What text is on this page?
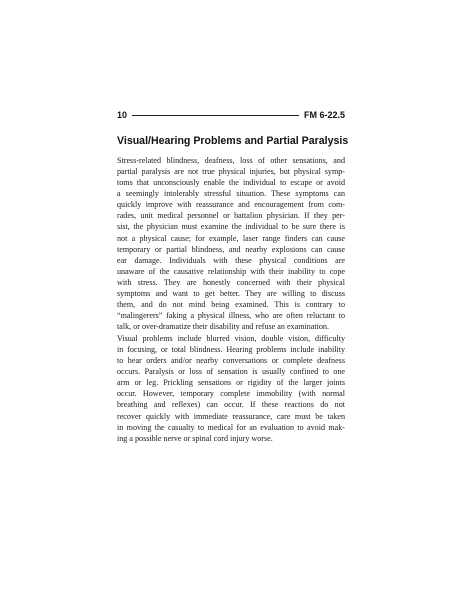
10	FM 6-22.5
Visual/Hearing Problems and Partial Paralysis

Stress-related blindness, deafness, loss of other sensations, and
partial paralysis are not true physical injuries, but physical symp-
toms that unconsciously enable the individual to escape or avoid
a seemingly intolerably stressful situation. These symptoms can
quickly improve with reassurance and encouragement from com-
rades, unit medical personnel or battalion physician. If they per-
sist, the physician must examine the individual to be sure there is
not a physical cause; for example, laser range finders can cause
temporary or partial blindness, and nearby explosions can cause
ear damage. Individuals with these physical conditions are
unaware of the causative relationship with their inability to cope
with stress. They are honestly concerned with their physical
symptoms and want to get better. They are willing to discuss
them, and do not mind being examined. This is contrary to
“malingerers” faking a physical illness, who are often reluctant to
talk, or over-dramatize their disability and refuse an examination.

Visual problems include blurred vision, double vision, difficulty
in focusing, or total blindness. Hearing problems include inability
to hear orders and/or nearby conversations or complete deafness
occurs. Paralysis or loss of sensation is usually confined to one
arm or leg. Prickling sensations or rigidity of the larger joints
occur. However, temporary complete immobility (with normal
breathing and reflexes) can occur. If these reactions do not
recover quickly with immediate reassurance, care must be taken
in moving the casualty to medical for an evaluation to avoid mak-
ing a possible nerve or spinal cord injury worse.
